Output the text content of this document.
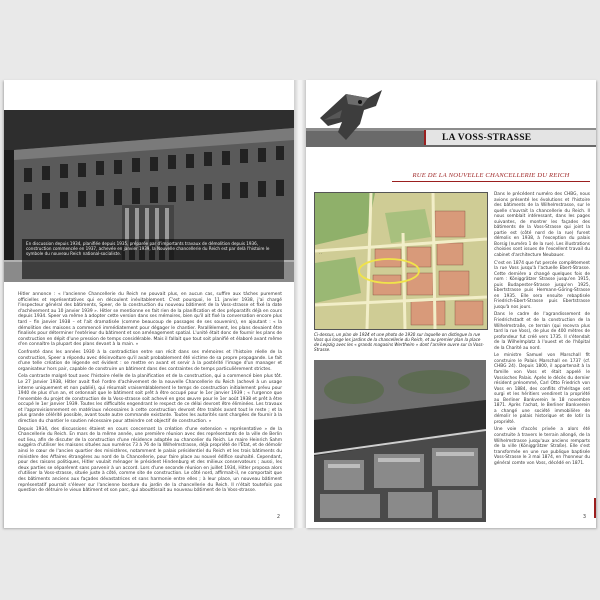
En discussion depuis 1934, planifiée depuis 1935, préparée par d'importants travaux de démolition depuis 1936, construction commencée en 1937, achevée en janvier 1939, la Nouvelle chancellerie du Reich est par delà l'histoire le symbole du nouveau Reich national-socialiste.

Hitler annonce : « l'ancienne Chancellerie du Reich ne pouvait plus, en aucun cas, suffire aux tâches purement officielles et représentatives qui en découlent inévitablement. C'est pourquoi, le 11 janvier 1938, j'ai chargé l'inspecteur général des bâtiments, Speer, de la construction du nouveau bâtiment de la Voss-strasse et fixé la date d'achèvement au 10 janvier 1939 ». Hitler se mentionne en fait rien de la planification et des préparatifs déjà en cours depuis 1934. Speer va même à adopter cette version dans ses mémoires, bien qu'il ait fixé la conversation encore plus tard – fin janvier 1938 – et l'ait dramatisée (comme beaucoup de passages de ses souvenirs), en ajoutant : « la démolition des maisons a commencé immédiatement pour dégager le chantier. Parallèlement, les plans devaient être finalisés pour déterminer l'extérieur du bâtiment et son aménagement spatial. L'unité était donc de fournir les plans de construction en dépit d'une pression de temps considérable. Mais il fallait que tout soit planifié et élaboré avant même d'en connaître la plupart des plans devant à la main. »

Confronté dans les années 1930 à la contradiction entre son récit dans ses mémoires et l'histoire réelle de la construction, Speer a répondu avec désinvolture qu'il avait probablement été victime de sa propre propagande. Le fait d'une telle création de légende est évident : se mettre en avant et servir à la postérité l'image d'un manager et organisateur hors pair, capable de construire un bâtiment dans des contraintes de temps particulièrement strictes.

Cela contraste malgré tout avec l'histoire réelle de la planification et de la construction, qui a commencé bien plus tôt. Le 27 janvier 1938, Hitler avait fixé l'ordre d'achèvement de la nouvelle Chancellerie du Reich (achevé à un usage interne uniquement et non publié), qui résumait vraisemblablement le temps de construction initialement prévu pour 1940 de plus d'un an, et ordonnait que le bâtiment soit prêt à être occupé pour le 1er janvier 1939 ; « l'urgence que l'ensemble du projet de construction de la Voss-strasse soit achevé en gros œuvre pour le 1er août 1938 et prêt à être occupé le 1er janvier 1939. Toutes les difficultés engendrant le respect de ce délai devront être éliminées. Les travaux et l'approvisionnement en matériaux nécessaires à cette construction devront être traités avant tout le reste ; et la plus grande célérité possible, avant toute autre commande existante. Toutes les autorités sont chargées de fournir à la direction du chantier le soutien nécessaire pour atteindre cet objectif de construction. »

Depuis 1934, des discussions étaient en cours concernant la création d'une extension « représentative » de la Chancellerie du Reich. En mars de la même année, une première réunion avec des représentants de la ville de Berlin eut lieu, afin de discuter de la construction d'une résidence adaptée au chancelier du Reich. Le maire Heinrich Sahm suggéra d'utiliser les maisons situées aux numéros 73 à 76 de la Wilhelmstrasse, déjà propriété de l'État, et de démolir ainsi le cœur de l'ancien quartier des ministères, notamment le palais présidentiel du Reich et les trois bâtiments du ministère des Affaires étrangères au nord de la Chancellerie, pour faire place au nouvel édifice souhaité. Cependant, pour des raisons politiques, Hitler voulait ménager le président Hindenburg et des milieux conservateurs ; aussi, les deux parties se séparèrent sans parvenir à un accord. Lors d'une seconde réunion en juillet 1934, Hitler proposa alors d'utiliser la Voss-strasse, située juste à côté, comme site de construction. Le côté nord, affirmait-il, ne comportait que des bâtiments anciens aux façades dévastatrices et sans harmonie entre elles ; à leur place, un nouveau bâtiment représentatif pourrait s'élever sur l'ancienne bordure du jardin de la chancellerie du Reich. Il n'était toutefois pas question de détruire le vieux bâtiment et son parc, qui abouttissait au nouveau bâtiment de la Voss-strasse.

2
LA VOSS-STRASSE
RUE DE LA NOUVELLE CHANCELLERIE DU REICH
· ·
Ci-dessus, un plan de 1924 et une photo de 1930 sur laquelle on distingue la rue Voss qui longe les jardins de la chancellerie du Reich, et au premier plan la place de Leipzig avec les « grands magasins Wertheim » dont l'arrière ouvre sur la Voss-Strasse.

Dans le précédent numéro des CHBG, nous avions présenté les évolutions et l'histoire des bâtiments de la Wilhelmstrasse, sur le quelle s'ouvrait la chancellerie du Reich. Il nous semblait intéressant, dans les pages suivantes, de montrer les façades des bâtiments de la Voss-Strasse qui joint la partie est (côté nord de la rue) furent démolis en 1938, à l'exception du palais Borsig (numéro 1 de la rue). Les illustrations choisies sont issues de l'excellent travail du cabinet d'architecture Neubauer.

C'est en 1874 que fut percée complètement la rue Voss jusqu'à l'actuelle Ebert-Strasse. Cette dernière a changé quelques fois de nom : Königgrätzer Strasse jusqu'en 1915, puis Budapester-Strasse jusqu'en 1925, Ebertstrasse puis Hermann-Göring-Strasse en 1935. Elle sera ensuite rebaptisée Friedrich-Ebert-Strasse puis Ebertstrasse jusqu'à nos jours.

Dans le cadre de l'agrandissement de Friedrichstadt et de la construction de la Wilhelmstraße, ce terrain (qui recevra plus tard la rue Voss), de plus de 400 mètres de profondeur fut créé vers 1735. Il s'étendait de la Wilhelmplatz à l'ouest et de l'hôpital de la Charité au nord.

Le ministre Samuel von Marschall fit construire le Palais Marschall en 1737 (cf. CHBG 24). Depuis 1800, il appartenait à la famille von Voss et était appelé le Vossisches Palais. Après le décès du dernier résident prénommé, Carl Otto Friedrich von Voss en 1884, des conflits d'héritage ont surgi et les héritiers vendirent la propriété au Berliner Bankverein le 18 novembre 1871. Après l'achat, le Berliner Bankverein a changé une société immobilière de démolir le palais historique et de lotir la propriété.

Une voie d'accès privée a alors été construite à travers le terrain allongé, de la Wilhelmstrasse jusqu'aux anciens remparts de la ville (Königgrätzer Straße). Elle s'est transformée en une rue publique baptisée Voss-Strasse le 3 mai 1874, en l'honneur du général comte von Voss, décédé en 1871.

3
